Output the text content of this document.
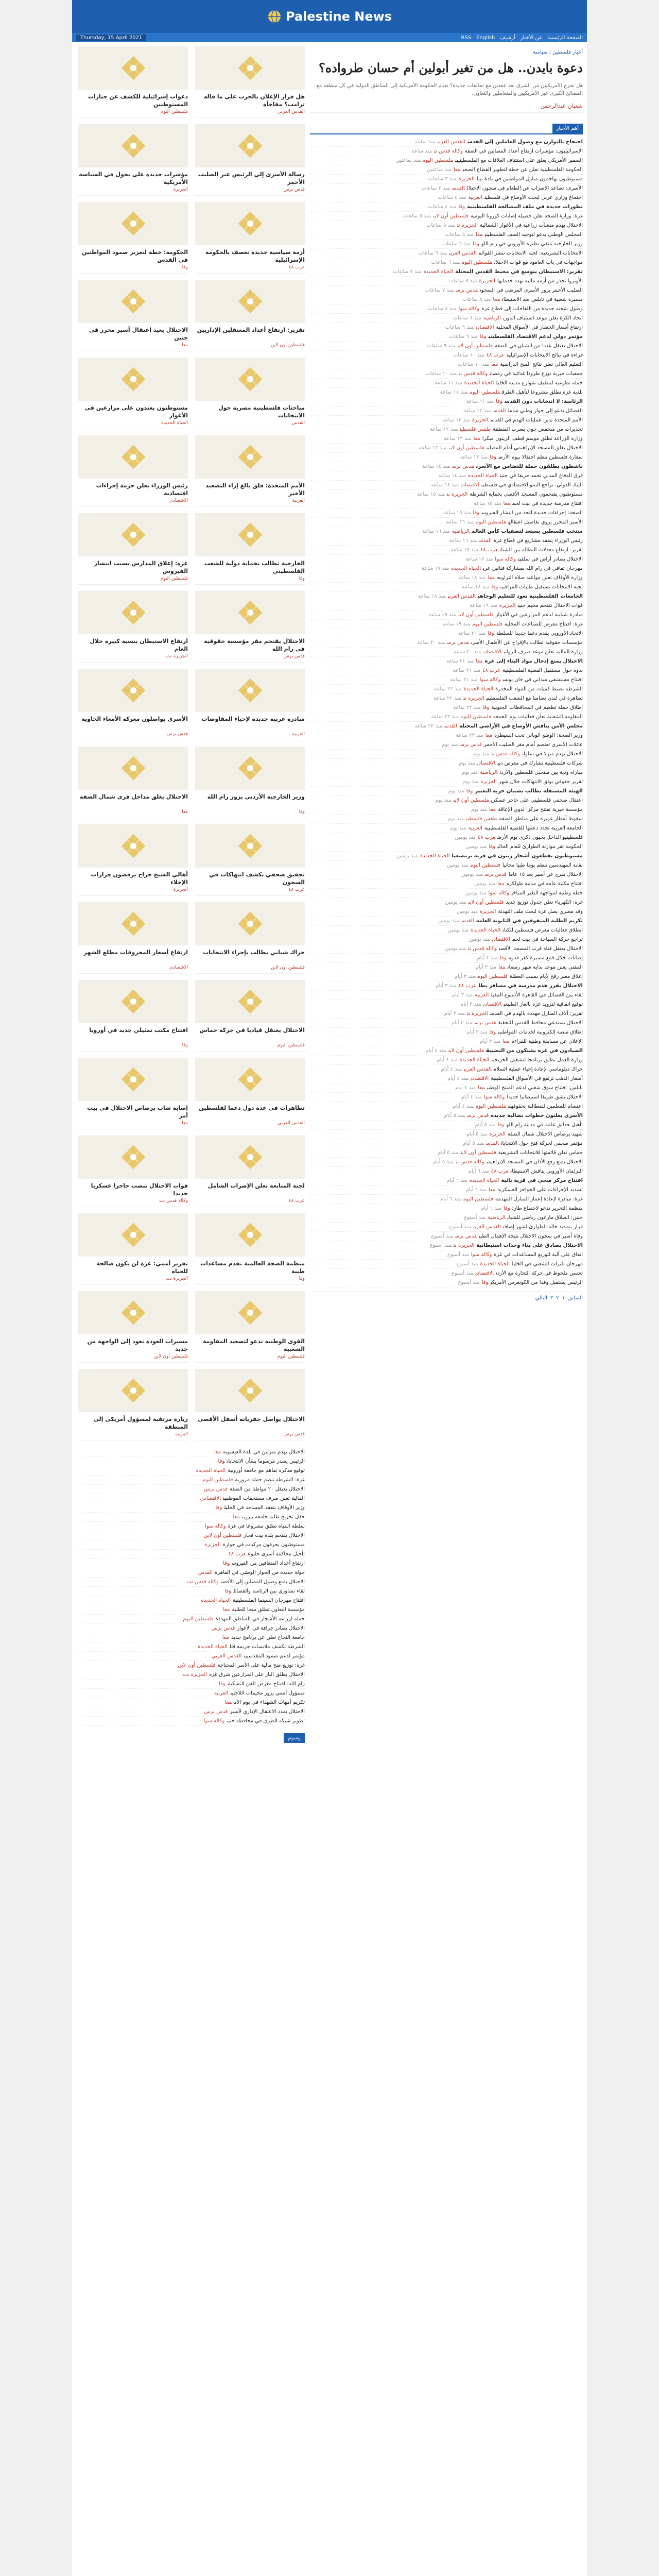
Palestine News
Thursday, 15 April 2021	الصفحة الرئيسية
عن الأخبار
أرشيف
English
RSS
أخبار فلسطين | سياسة
دعوة بايدن.. هل من تغير أبولين أم حسان طرواده؟

هل تخرج الأمريكيين من الشرق بعد عقدين مع تحالفات جديدة؟ تقدم الحكومة الأمريكية إلى المناطق الدولية في كل منطقة مع المصالح الكبرى عبر الأمريكيين والمتعاملين والتعاون.

شعبان عبدالرحمن
أهم الأخبار
احتجاج بالتوازن مع وصول العاملين إلى القدسالقدس العربيمنذ ساعة
الإسرائيليون: مؤشرات ارتفاع أعداد المصابين في الضفةوكالة قدس نتمنذ ساعة
السفير الأمريكي يعلق على استئناف العلاقات مع الفلسطينيينفلسطين اليوممنذ ساعتين
الحكومة الفلسطينية تعلن عن خطة لتطوير القطاع الصحيمعامنذ ساعتين
مستوطنون يهاجمون منازل المواطنين في بلدة بيتاالجزيرةمنذ ٣ ساعات
الأسرى: تصاعد الإضراب عن الطعام في سجون الاحتلالالقدسمنذ ٣ ساعات
اجتماع وزاري عربي لبحث الأوضاع في فلسطينالعربيةمنذ ٤ ساعات
تطورات جديدة في ملف المصالحة الفلسطينيةوفامنذ ٤ ساعات
غزة: وزارة الصحة تعلن حصيلة إصابات كورونا اليوميةفلسطين أون لاينمنذ ٥ ساعات
الاحتلال يهدم منشآت زراعية في الأغوار الشماليةالجزيرة نتمنذ ٥ ساعات
المجلس الوطني يدعو لتوحيد الصف الفلسطينيمعامنذ ٥ ساعات
وزير الخارجية يلتقي نظيره الأوروبي في رام اللهوفامنذ ٦ ساعات
الانتخابات التشريعية: لجنة الانتخابات تنشر القوائمالقدس العربيمنذ ٦ ساعات
مواجهات في باب العامود مع قوات الاحتلالفلسطين اليوممنذ ٦ ساعات
تقرير: الاستيطان يتوسع في محيط القدس المحتلةالحياة الجديدةمنذ ٧ ساعات
الأونروا تحذر من أزمة مالية تهدد خدماتهاالجزيرةمنذ ٧ ساعات
الصليب الأحمر يزور الأسرى المرضى في السجونقدس برسمنذ ٧ ساعات
مسيرة شعبية في نابلس ضد الاستيطانمعامنذ ٨ ساعات
وصول شحنة جديدة من اللقاحات إلى قطاع غزةوكالة سوامنذ ٨ ساعات
اتحاد الكرة يعلن موعد استئناف الدوريالرياضيةمنذ ٨ ساعات
ارتفاع أسعار الخضار في الأسواق المحليةالاقتصاديمنذ ٩ ساعات
مؤتمر دولي لدعم الاقتصاد الفلسطينيوفامنذ ٩ ساعات
الاحتلال يعتقل عددا من الشبان في الضفةفلسطين أون لاينمنذ ٩ ساعات
قراءة في نتائج الانتخابات الإسرائيليةعرب ٤٨منذ ١٠ ساعات
التعليم العالي تعلن نتائج المنح الدراسيةمعامنذ ١٠ ساعات
جمعيات خيرية توزع طرودا غذائية في رمضانوكالة قدس نتمنذ ١٠ ساعات
حملة تطوعية لتنظيف شوارع مدينة الخليلالحياة الجديدةمنذ ١١ ساعة
بلدية غزة تطلق مشروعا لتأهيل الطرقفلسطين اليوممنذ ١١ ساعة
الرئاسة: لا انتخابات دون القدسوفامنذ ١١ ساعة
الفصائل تدعو إلى حوار وطني شاملالقدسمنذ ١٢ ساعة
الأمم المتحدة تدين عمليات الهدم في القدسالجزيرةمنذ ١٢ ساعة
تحذيرات من منخفض جوي يضرب المنطقةطقس فلسطينمنذ ١٢ ساعة
وزارة الزراعة تطلق موسم قطف الزيتون مبكرامعامنذ ١٣ ساعة
الاحتلال يغلق المسجد الإبراهيمي أمام المصلينفلسطين أون لاينمنذ ١٣ ساعة
سفارة فلسطين تنظم احتفالا بيوم الأرضوفامنذ ١٣ ساعة
ناشطون يطلقون حملة للتضامن مع الأسرىقدس برسمنذ ١٤ ساعة
فرق الدفاع المدني تخمد حريقا في جنينالحياة الجديدةمنذ ١٤ ساعة
البنك الدولي: تراجع النمو الاقتصادي في فلسطينالاقتصاديمنذ ١٤ ساعة
مستوطنون يقتحمون المسجد الأقصى بحماية الشرطةالجزيرة نتمنذ ١٥ ساعة
افتتاح مدرسة جديدة في بيت لحممعامنذ ١٥ ساعة
الصحة: إجراءات جديدة للحد من انتشار الفيروسوفامنذ ١٥ ساعة
الأسير المحرر يروي تفاصيل اعتقالهفلسطين اليوممنذ ١٦ ساعة
منتخب فلسطين يستعد لتصفيات كأس العالمالرياضيةمنذ ١٦ ساعة
رئيس الوزراء يتفقد مشاريع في قطاع غزةالقدسمنذ ١٦ ساعة
تقرير: ارتفاع معدلات البطالة بين الشبابعرب ٤٨منذ ١٧ ساعة
الاحتلال يصادر أراض في سلفيتوكالة سوامنذ ١٧ ساعة
مهرجان ثقافي في رام الله بمشاركة فنانين عربالحياة الجديدةمنذ ١٧ ساعة
وزارة الأوقاف تعلن مواعيد صلاة التراويحمعامنذ ١٨ ساعة
لجنة الانتخابات تستقبل طلبات المراقبينوفامنذ ١٨ ساعة
الجامعات الفلسطينية تعود للتعليم الوجاهيالقدس العربيمنذ ١٨ ساعة
قوات الاحتلال تقتحم مخيم جنينالجزيرةمنذ ١٩ ساعة
مبادرة شبابية لدعم المزارعين في الأغوارفلسطين أون لاينمنذ ١٩ ساعة
غزة: افتتاح معرض للصناعات المحليةفلسطين اليوممنذ ١٩ ساعة
الاتحاد الأوروبي يقدم دعما جديدا للسلطةوفامنذ ٢٠ ساعة
مؤسسات حقوقية تطالب بالإفراج عن الأطفال الأسرىقدس برسمنذ ٢٠ ساعة
وزارة المالية تعلن موعد صرف الرواتبالاقتصاديمنذ ٢٠ ساعة
الاحتلال يمنع إدخال مواد البناء إلى غزةمعامنذ ٢١ ساعة
ندوة حول مستقبل القضية الفلسطينيةعرب ٤٨منذ ٢١ ساعة
افتتاح مستشفى ميداني في خان يونسوكالة سوامنذ ٢١ ساعة
الشرطة تضبط كميات من المواد المخدرةالحياة الجديدةمنذ ٢٢ ساعة
تظاهرة في لندن تضامنا مع الشعب الفلسطينيالجزيرة نتمنذ ٢٢ ساعة
إطلاق حملة تطعيم في المحافظات الجنوبيةوفامنذ ٢٢ ساعة
المقاومة الشعبية تعلن فعاليات يوم الجمعةفلسطين اليوممنذ ٢٣ ساعة
مجلس الأمن يناقش الأوضاع في الأراضي المحتلةالقدسمنذ ٢٣ ساعة
وزير الصحة: الوضع الوبائي تحت السيطرةمعامنذ ٢٣ ساعة
عائلات الأسرى تعتصم أمام مقر الصليب الأحمرقدس برسمنذ يوم
الاحتلال يهدم منزلا في سلوانوكالة قدس نتمنذ يوم
شركات فلسطينية تشارك في معرض دبيالاقتصاديمنذ يوم
مباراة ودية بين منتخبي فلسطين والأردنالرياضيةمنذ يوم
تقرير حقوقي يوثق الانتهاكات خلال شهرالجزيرةمنذ يوم
الهيئة المستقلة تطالب بضمان حرية التعبيروفامنذ يوم
اعتقال صحفي فلسطيني على حاجز عسكريفلسطين أون لاينمنذ يوم
مؤسسة خيرية تفتتح مركزا لذوي الإعاقةمعامنذ يوم
سقوط أمطار غزيرة على مناطق الضفةطقس فلسطينمنذ يوم
الجامعة العربية تجدد دعمها للقضية الفلسطينيةالعربيةمنذ يوم
فلسطينيو الداخل يحيون ذكرى يوم الأرضعرب ٤٨منذ يومين
الحكومة تقر موازنة الطوارئ للعام الحاليوفامنذ يومين
مستوطنون يقطعون أشجار زيتون في قرية ترمسعياالحياة الجديدةمنذ يومين
نقابة المهندسين تنظم يوما طبيا مجانيافلسطين اليوممنذ يومين
الاحتلال يفرج عن أسير بعد ١٥ عاماقدس برسمنذ يومين
افتتاح مكتبة عامة في مدينة طولكرممعامنذ يومين
خطة وطنية لمواجهة التغير المناخيوكالة سوامنذ يومين
غزة: الكهرباء تعلن جدول توزيع جديدفلسطين أون لاينمنذ يومين
وفد مصري يصل غزة لبحث ملف التهدئةالجزيرةمنذ يومين
تكريم الطلبة المتفوقين في الثانوية العامةالقدسمنذ يومين
انطلاق فعاليات معرض فلسطين للكتابالحياة الجديدةمنذ يومين
تراجع حركة السياحة في بيت لحمالاقتصاديمنذ يومين
الاحتلال يعتقل فتاة قرب المسجد الأقصىوكالة قدس نتمنذ يومين
إصابات خلال قمع مسيرة كفر قدوموفامنذ ٣ أيام
المفتي يعلن موعد بداية شهر رمضانمعامنذ ٣ أيام
إغلاق معبر رفح لأيام بسبب العطلةفلسطين اليوممنذ ٣ أيام
الاحتلال يقرر هدم مدرسة في مسافر يطاعرب ٤٨منذ ٣ أيام
لقاء بين الفصائل في القاهرة الأسبوع المقبلالعربيةمنذ ٣ أيام
توقيع اتفاقية لتزويد غزة بالغاز الطبيعيالاقتصاديمنذ ٣ أيام
تقرير: آلاف المنازل مهددة بالهدم في القدسالجزيرة نتمنذ ٣ أيام
الاحتلال يستدعي محافظ القدس للتحقيققدس برسمنذ ٣ أيام
إطلاق منصة إلكترونية لخدمات المواطنينوفامنذ ٣ أيام
الإعلان عن مسابقة وطنية للقراءةمعامنذ ٣ أيام
الصيادون في غزة يشتكون من التضييقفلسطين أون لاينمنذ ٤ أيام
وزارة العمل تطلق برنامجا لتشغيل الخريجينالحياة الجديدةمنذ ٤ أيام
حراك دبلوماسي لإعادة إحياء عملية السلامالقدس العربيمنذ ٤ أيام
أسعار الذهب ترتفع في الأسواق الفلسطينيةالاقتصاديمنذ ٤ أيام
نابلس: افتتاح سوق شعبي لدعم المنتج الوطنيمعامنذ ٤ أيام
الاحتلال يشق طريقا استيطانيا جديداوكالة سوامنذ ٤ أيام
اعتصام للمعلمين للمطالبة بحقوقهمفلسطين اليوممنذ ٤ أيام
الأسرى يعلنون خطوات نضالية جديدةقدس برسمنذ ٥ أيام
تأهيل حدائق عامة في مدينة رام اللهوفامنذ ٥ أيام
شهيد برصاص الاحتلال شمال الضفةالجزيرةمنذ ٥ أيام
مؤتمر صحفي لحركة فتح حول الانتخاباتالقدسمنذ ٥ أيام
حماس تعلن قائمتها للانتخابات التشريعيةفلسطين أون لاينمنذ ٥ أيام
الاحتلال يمنع رفع الأذان في المسجد الإبراهيميوكالة قدس نتمنذ ٥ أيام
البرلمان الأوروبي يناقش الاستيطانعرب ٤٨منذ ٦ أيام
افتتاح مركز صحي في قرية نائيةالحياة الجديدةمنذ ٦ أيام
تشديد الإجراءات على الحواجز العسكريةمعامنذ ٦ أيام
غزة: مبادرة لإعادة إعمار المنازل المهدمةفلسطين اليوممنذ ٦ أيام
منظمة التحرير تدعو لاجتماع طارئوفامنذ ٦ أيام
جنين: انطلاق ماراثون رياضي للشبابالرياضيةمنذ أسبوع
قرار بتمديد حالة الطوارئ لشهر إضافيالقدس العربيمنذ أسبوع
وفاة أسير في سجون الاحتلال نتيجة الإهمال الطبيقدس برسمنذ أسبوع
الاحتلال يصادق على بناء وحدات استيطانيةالجزيرة نتمنذ أسبوع
اتفاق على آلية لتوزيع المساعدات في غزةوكالة سوامنذ أسبوع
مهرجان للتراث الشعبي في الخليلالحياة الجديدةمنذ أسبوع
تحسن ملحوظ في حركة التجارة مع الأردنالاقتصاديمنذ أسبوع
الرئيس يستقبل وفدا من الكونغرس الأمريكيوفامنذ أسبوع
السابق
١
٢
٣
التالي
هل قرار الإعلان بالحرب على ما قاله ترامب؟ مفاجأة
القدس العربي
دعوات إسرائيلية للكشف عن جنازات المستوطنين
فلسطين اليوم
رسالة الأسرى إلى الرئيس عبر الصليب الأحمر
قدس برس
مؤشرات جديدة على تحول في السياسة الأمريكية
الجزيرة
أزمة سياسية جديدة تعصف بالحكومة الإسرائيلية
عرب ٤٨
الحكومة: خطة لتعزيز صمود المواطنين في القدس
وفا
تقرير: ارتفاع أعداد المعتقلين الإداريين
فلسطين أون لاين
الاحتلال يعيد اعتقال أسير محرر في جنين
معا
مباحثات فلسطينية مصرية حول الانتخابات
القدس
مستوطنون يعتدون على مزارعين في الأغوار
الحياة الجديدة
الأمم المتحدة: قلق بالغ إزاء التصعيد الأخير
العربية
رئيس الوزراء يعلن حزمة إجراءات اقتصادية
الاقتصادي
الخارجية تطالب بحماية دولية للشعب الفلسطيني
وفا
غزة: إغلاق المدارس بسبب انتشار الفيروس
فلسطين اليوم
الاحتلال يقتحم مقر مؤسسة حقوقية في رام الله
قدس برس
ارتفاع الاستيطان بنسبة كبيرة خلال العام
الجزيرة نت
مبادرة عربية جديدة لإحياء المفاوضات
العربية
الأسرى يواصلون معركة الأمعاء الخاوية
قدس برس
وزير الخارجية الأردني يزور رام الله
وفا
الاحتلال يغلق مداخل قرى شمال الضفة
معا
تحقيق صحفي يكشف انتهاكات في السجون
عرب ٤٨
أهالي الشيخ جراح يرفضون قرارات الإخلاء
الجزيرة
حراك شبابي يطالب بإجراء الانتخابات
فلسطين أون لاين
ارتفاع أسعار المحروقات مطلع الشهر
الاقتصادي
الاحتلال يعتقل قياديا في حركة حماس
فلسطين اليوم
افتتاح مكتب تمثيلي جديد في أوروبا
وفا
تظاهرات في عدة دول دعما لفلسطين
القدس العربي
إصابة شاب برصاص الاحتلال في بيت أمر
معا
لجنة المتابعة تعلن الإضراب الشامل
عرب ٤٨
قوات الاحتلال تنصب حاجزا عسكريا جديدا
وكالة قدس نت
منظمة الصحة العالمية تقدم مساعدات طبية
وفا
تقرير أممي: غزة لن تكون صالحة للحياة
الجزيرة نت
القوى الوطنية تدعو لتصعيد المقاومة الشعبية
فلسطين اليوم
مسيرات العودة تعود إلى الواجهة من جديد
فلسطين أون لاين
الاحتلال يواصل حفرياته أسفل الأقصى
قدس برس
زيارة مرتقبة لمسؤول أمريكي إلى المنطقة
العربية
الاحتلال يهدم منزلين في بلدة العيسويةمعا
الرئيس يصدر مرسوما بشأن الانتخاباتوفا
توقيع مذكرة تفاهم مع جامعة أوروبيةالحياة الجديدة
غزة: الشرطة تنظم حملة مروريةفلسطين اليوم
الاحتلال يعتقل ٢٠ مواطنا من الضفةقدس برس
المالية تعلن صرف مستحقات الموظفينالاقتصادي
وزير الأوقاف يتفقد المساجد في الخليلوفا
حفل تخريج طلبة جامعة بيرزيتمعا
سلطة المياه تطلق مشروعا في غزةوكالة سوا
الاحتلال يقتحم بلدة بيت فجارفلسطين أون لاين
مستوطنون يحرقون مركبات في حوارةالجزيرة
تأجيل محاكمة أسرى جلبوععرب ٤٨
ارتفاع أعداد المتعافين من الفيروسوفا
جولة جديدة من الحوار الوطني في القاهرةالقدس
الاحتلال يمنع وصول المصلين إلى الأقصىوكالة قدس نت
لقاء تشاوري بين الرئاسة والفصائلوفا
افتتاح مهرجان السينما الفلسطينيةالحياة الجديدة
مؤسسة التعاون تطلق منحا للطلبةمعا
حملة لزراعة الأشجار في المناطق المهددةفلسطين اليوم
الاحتلال يصادر جرافة في الأغوارقدس برس
جامعة النجاح تعلن عن برنامج جديدمعا
الشرطة تكشف ملابسات جريمة قتلالحياة الجديدة
مؤتمر لدعم صمود المقدسيينالقدس العربي
غزة: توزيع منح مالية على الأسر المحتاجةفلسطين أون لاين
الاحتلال يطلق النار على المزارعين شرق غزةالجزيرة نت
رام الله: افتتاح معرض للفن التشكيليوفا
مسؤول أممي يزور مخيمات اللاجئينالعربية
تكريم أمهات الشهداء في يوم الأممعا
الاحتلال يمدد الاعتقال الإداري لأسيرقدس برس
تطوير شبكة الطرق في محافظة جنينوكالة سوا
وسوم
